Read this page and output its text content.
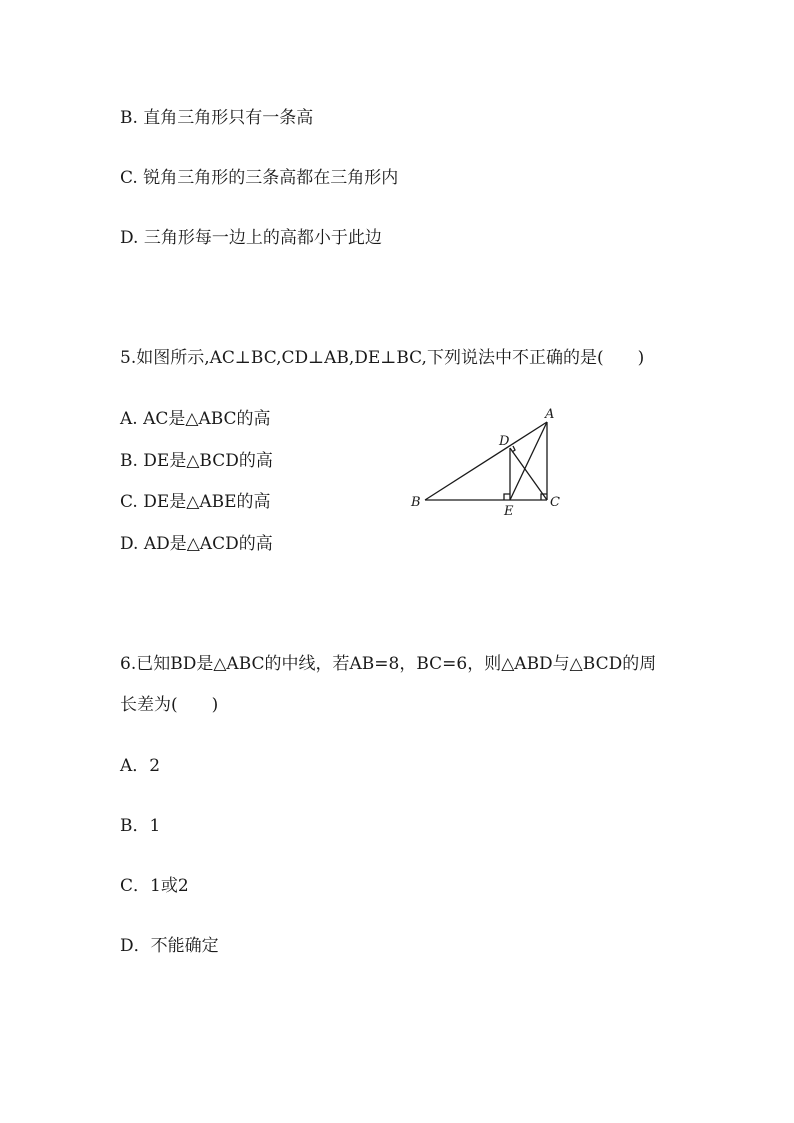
B. 直角三角形只有一条高
C. 锐角三角形的三条高都在三角形内
D. 三角形每一边上的高都小于此边
5.如图所示,AC⊥BC,CD⊥AB,DE⊥BC,下列说法中不正确的是(　　)
A. AC是△ABC的高
B. DE是△BCD的高
C. DE是△ABE的高
D. AD是△ACD的高
A
B	C
D
E
6.已知BD是△ABC的中线，若AB=8，BC=6，则△ABD与△BCD的周
长差为(　　)
A．2
B．1
C．1或2
D．不能确定
